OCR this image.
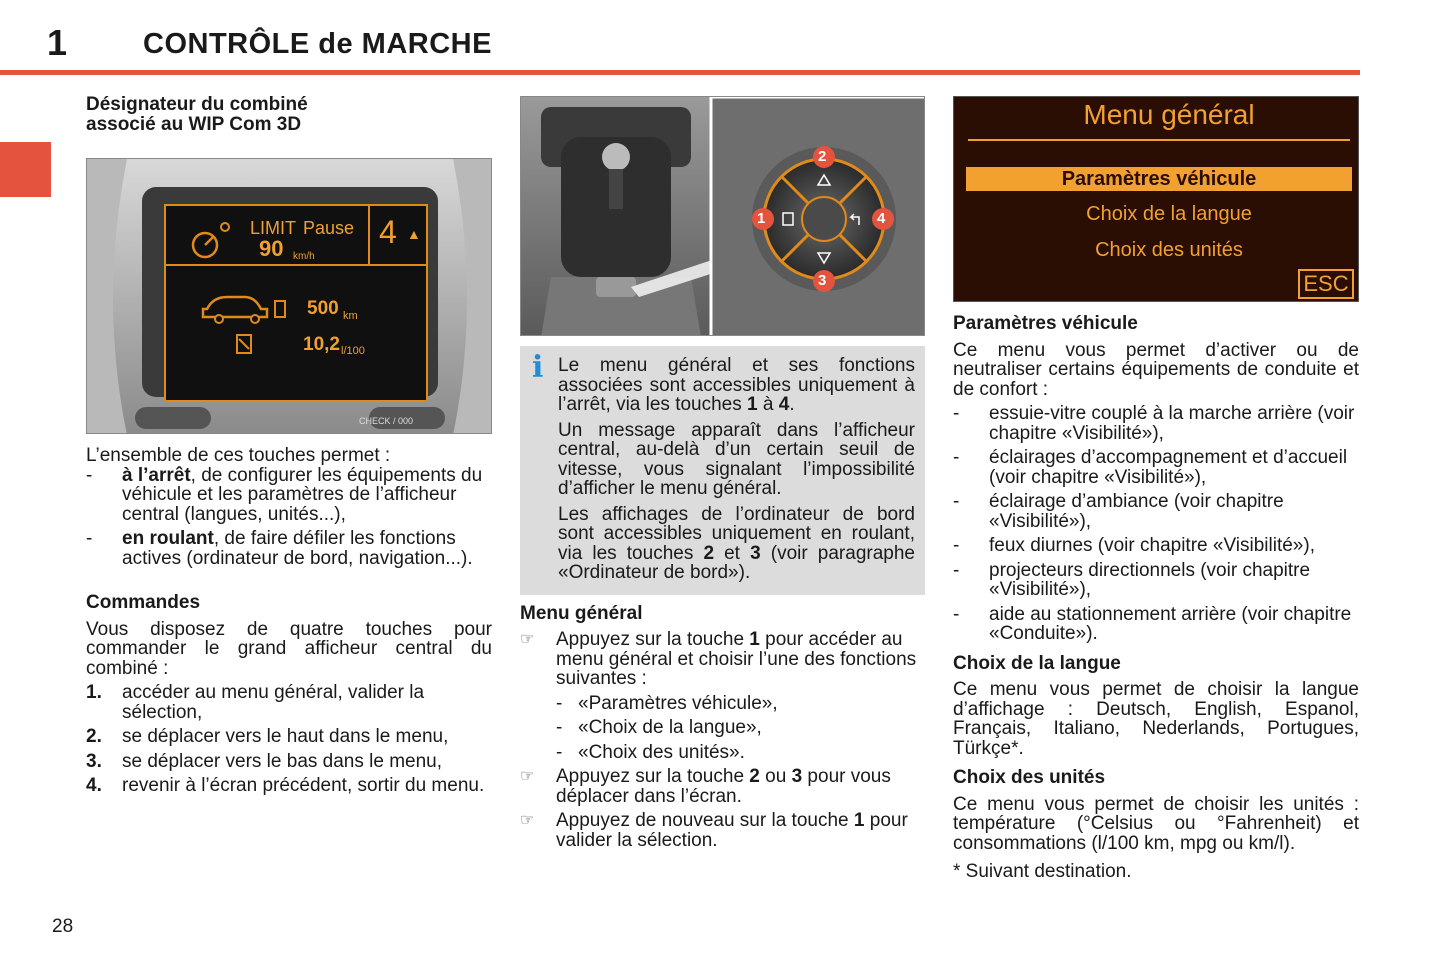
1	CONTRÔLE de MARCHE

Désignateur du combiné

associé au WIP Com 3D

LIMIT Pause
90 km/h
4 ▲
500 km
10,2 l/100
CHECK / 000

L’ensemble de ces touches permet :

-	à l’arrêt, de configurer les équipements du véhicule et les paramètres de l’afficheur central (langues, unités...),
-	en roulant, de faire défiler les fonctions actives (ordinateur de bord, navigation...).

Commandes

Vous disposez de quatre touches pour commander le grand afficheur central du combiné :

1.	accéder au menu général, valider la sélection,
2.	se déplacer vers le haut dans le menu,
3.	se déplacer vers le bas dans le menu,
4.	revenir à l’écran précédent, sortir du menu.
2
3
1	4
i Le menu général et ses fonctions associées sont accessibles uniquement à l’arrêt, via les touches 1 à 4.

Un message apparaît dans l’afficheur central, au-delà d’un certain seuil de vitesse, vous signalant l’impossibilité d’afficher le menu général.

Les affichages de l’ordinateur de bord sont accessibles uniquement en roulant, via les touches 2 et 3 (voir paragraphe «Ordinateur de bord»).

Menu général

☞	Appuyez sur la touche 1 pour accéder au menu général et choisir l’une des fonctions suivantes :
- «Paramètres véhicule»,
- «Choix de la langue»,
- «Choix des unités».
☞	Appuyez sur la touche 2 ou 3 pour vous déplacer dans l’écran.
☞	Appuyez de nouveau sur la touche 1 pour valider la sélection.
Menu général
Paramètres véhicule
Choix de la langue
Choix des unités
ESC

Paramètres véhicule

Ce menu vous permet d’activer ou de neutraliser certains équipements de conduite et de confort :

-	essuie-vitre couplé à la marche arrière (voir chapitre «Visibilité»),
-	éclairages d’accompagnement et d’accueil (voir chapitre «Visibilité»),
-	éclairage d’ambiance (voir chapitre «Visibilité»),
-	feux diurnes (voir chapitre «Visibilité»),
-	projecteurs directionnels (voir chapitre «Visibilité»),
-	aide au stationnement arrière (voir chapitre «Conduite»).

Choix de la langue

Ce menu vous permet de choisir la langue d’affichage : Deutsch, English, Espanol, Français, Italiano, Nederlands, Portugues, Türkçe*.

Choix des unités

Ce menu vous permet de choisir les unités : température (°Celsius ou °Fahrenheit) et consommations (l/100 km, mpg ou km/l).

* Suivant destination.

28
